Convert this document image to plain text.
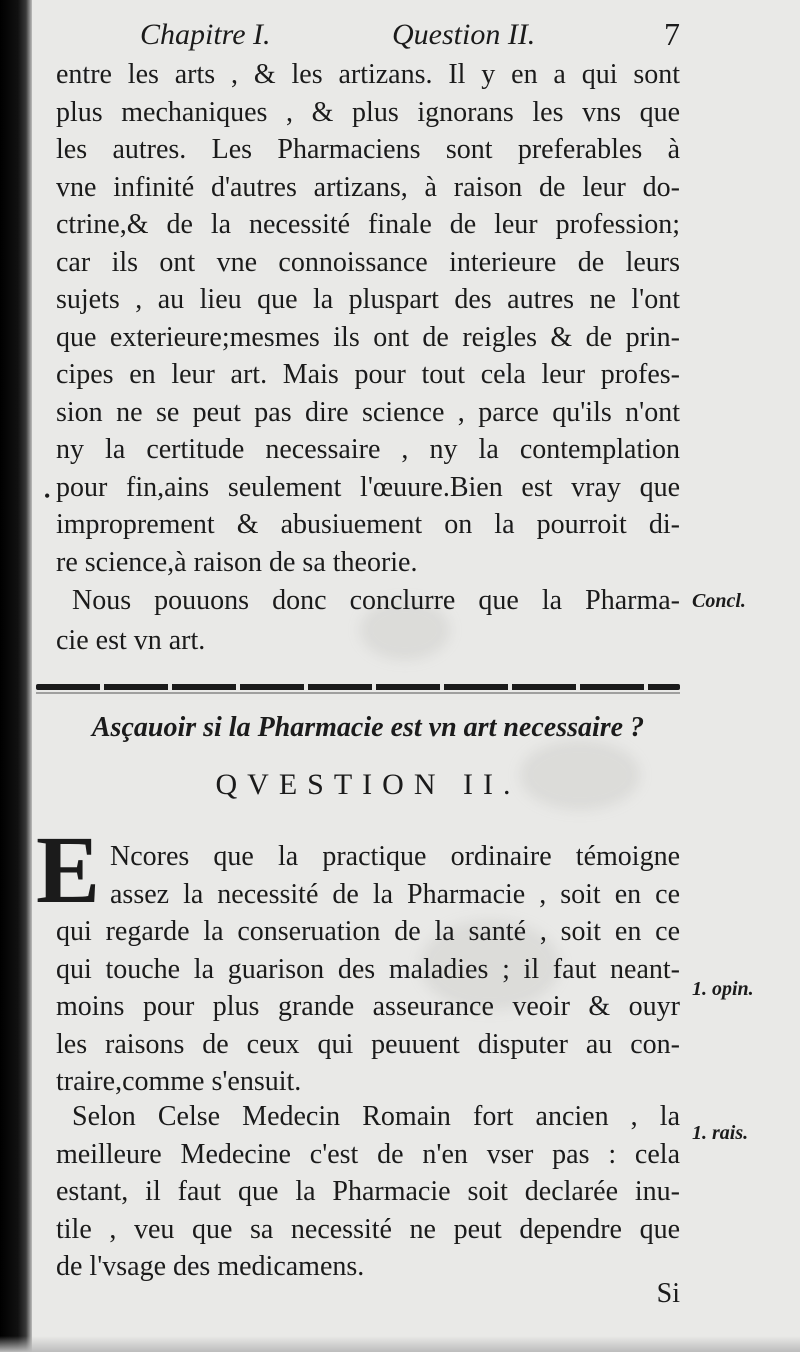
Chapitre I.	Question II.	7
entre les arts , & les artizans. Il y en a qui sont
plus mechaniques , & plus ignorans les vns que
les autres. Les Pharmaciens sont preferables à
vne infinité d'autres artizans, à raison de leur do-
ctrine,& de la necessité finale de leur profession;
car ils ont vne connoissance interieure de leurs
sujets , au lieu que la pluspart des autres ne l'ont
que exterieure;mesmes ils ont de reigles & de prin-
cipes en leur art. Mais pour tout cela leur profes-
sion ne se peut pas dire science , parce qu'ils n'ont
ny la certitude necessaire , ny la contemplation
pour fin,ains seulement l'œuure.Bien est vray que
improprement & abusiuement on la pourroit di-
re science,à raison de sa theorie.
•
Nous pouuons donc conclurre que la Pharma-
cie est vn art.
Concl.
Asçauoir si la Pharmacie est vn art necessaire ?
QVESTION II.
E Ncores que la practique ordinaire témoigne
assez la necessité de la Pharmacie , soit en ce
qui regarde la conseruation de la santé , soit en ce
qui touche la guarison des maladies ; il faut neant-
moins pour plus grande asseurance veoir & ouyr
les raisons de ceux qui peuuent disputer au con-
traire,comme s'ensuit.
1. opin.
Selon Celse Medecin Romain fort ancien , la
meilleure Medecine c'est de n'en vser pas : cela
estant, il faut que la Pharmacie soit declarée inu-
tile , veu que sa necessité ne peut dependre que
de l'vsage des medicamens.
1. rais.
Si
